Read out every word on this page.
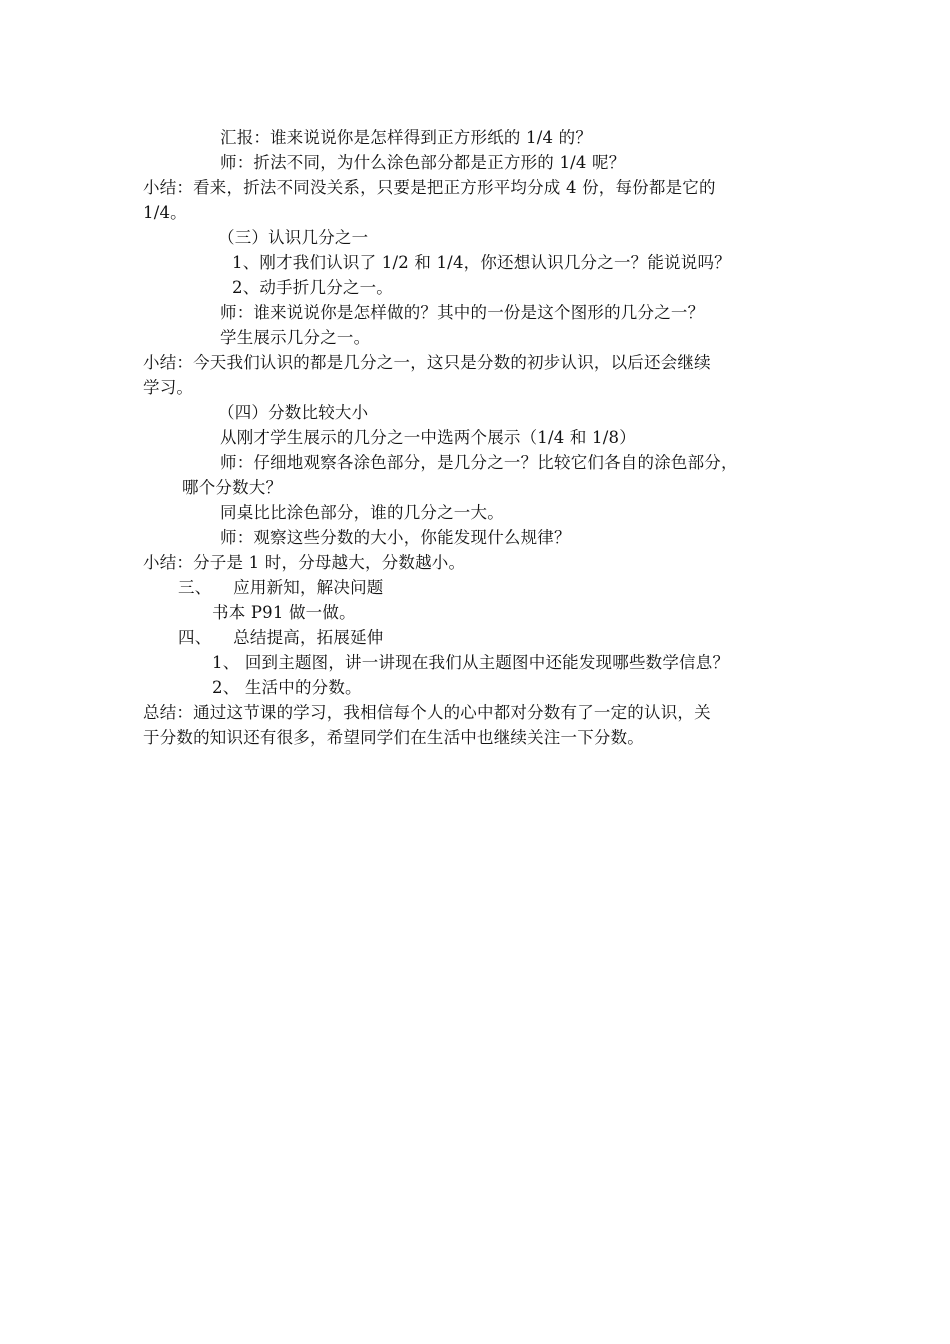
汇报：谁来说说你是怎样得到正方形纸的 1/4 的？
师：折法不同，为什么涂色部分都是正方形的 1/4 呢？
小结：看来，折法不同没关系，只要是把正方形平均分成 4 份，每份都是它的
1/4。
（三）认识几分之一
1、刚才我们认识了 1/2 和 1/4，你还想认识几分之一？能说说吗？
2、动手折几分之一。
师：谁来说说你是怎样做的？其中的一份是这个图形的几分之一？
学生展示几分之一。
小结：今天我们认识的都是几分之一，这只是分数的初步认识，以后还会继续
学习。
（四）分数比较大小
从刚才学生展示的几分之一中选两个展示（1/4 和 1/8）
师：仔细地观察各涂色部分，是几分之一？比较它们各自的涂色部分，
哪个分数大？
同桌比比涂色部分，谁的几分之一大。
师：观察这些分数的大小，你能发现什么规律？
小结：分子是 1 时，分母越大，分数越小。
三、    应用新知，解决问题
书本 P91 做一做。
四、    总结提高，拓展延伸
1、 回到主题图，讲一讲现在我们从主题图中还能发现哪些数学信息？
2、 生活中的分数。
总结：通过这节课的学习，我相信每个人的心中都对分数有了一定的认识，关
于分数的知识还有很多，希望同学们在生活中也继续关注一下分数。
